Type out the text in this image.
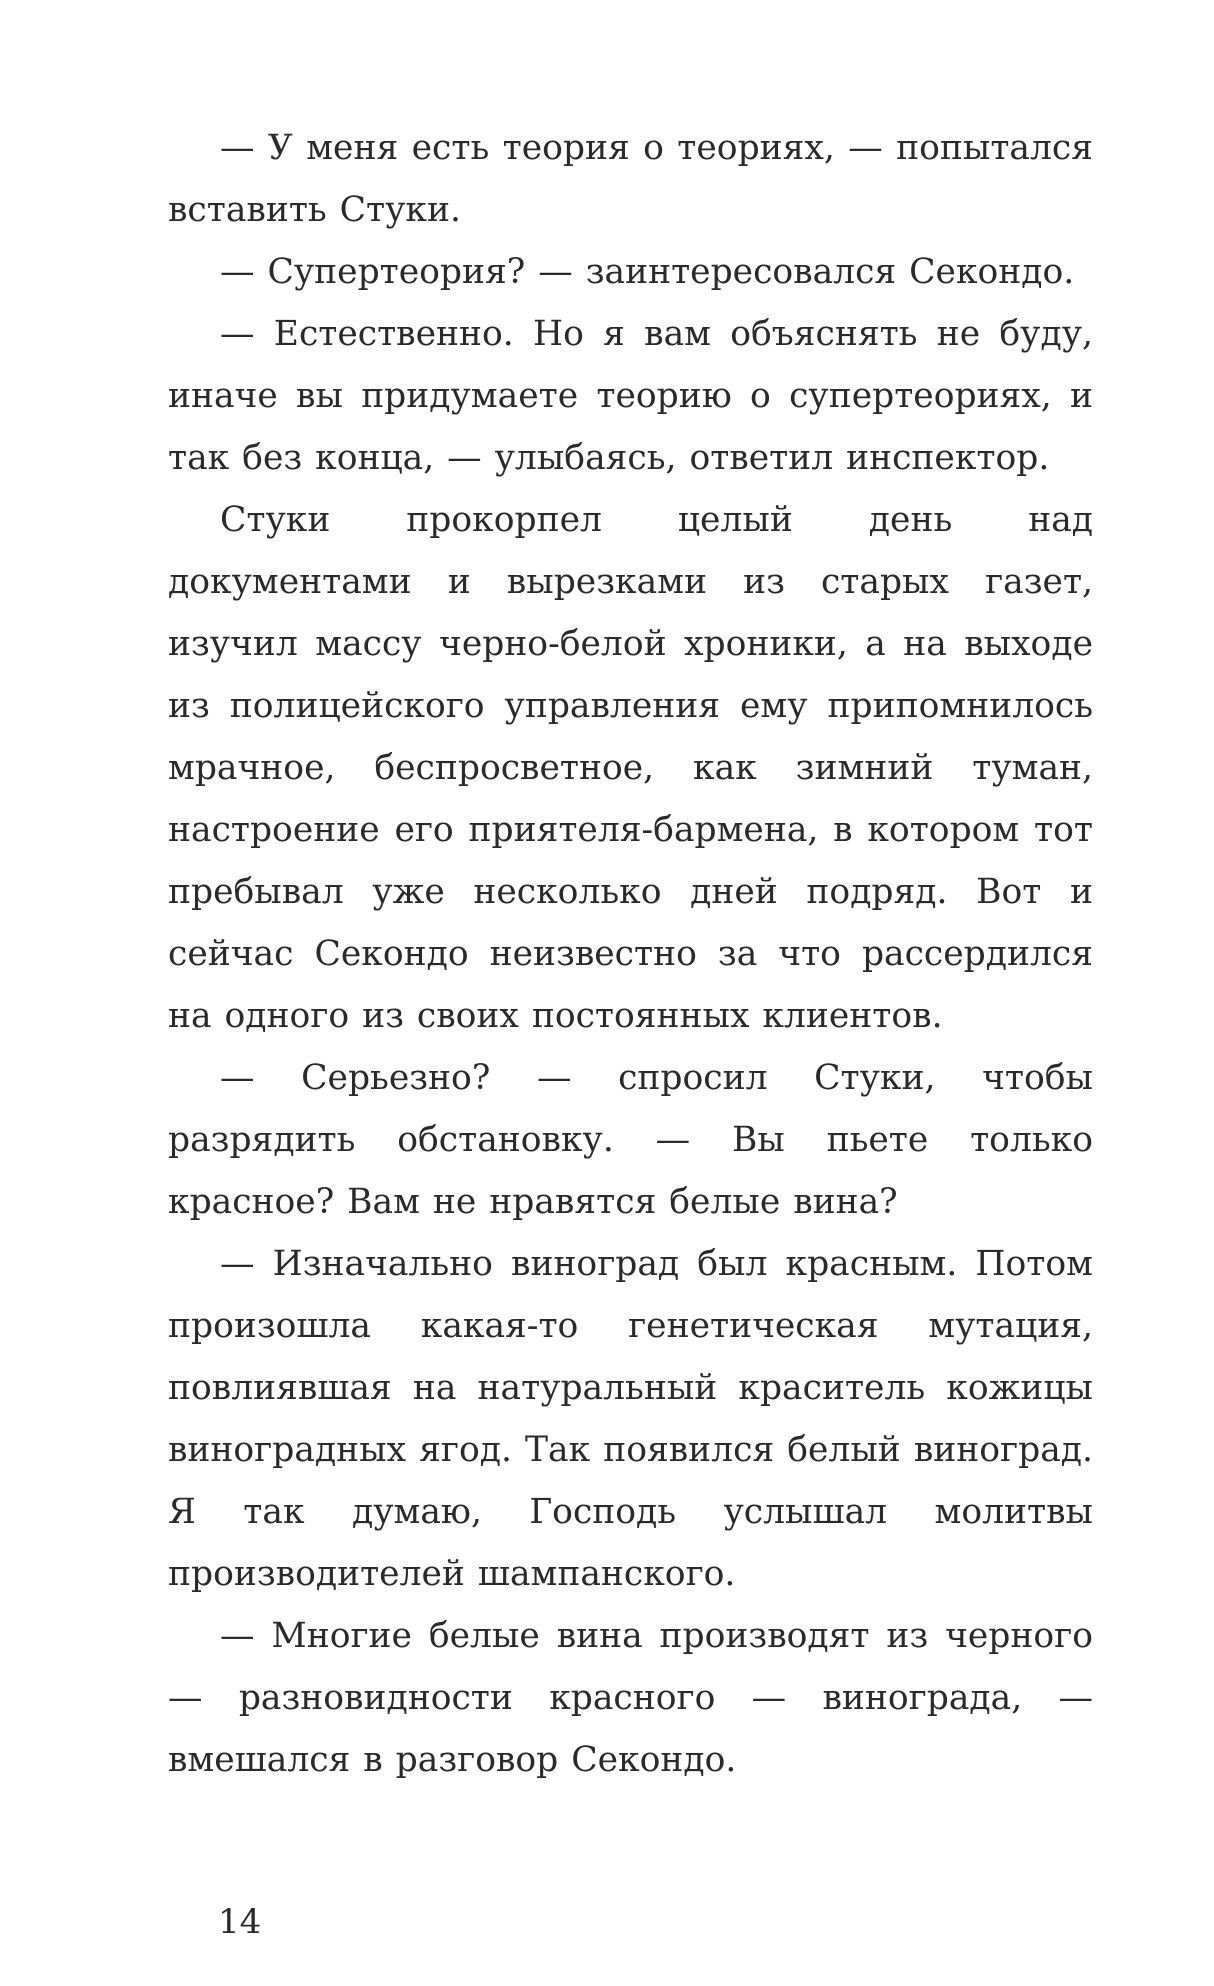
— У меня есть теория о теориях, — попытался вставить Стуки.

— Супертеория? — заинтересовался Секондо.

— Естественно. Но я вам объяснять не буду, иначе вы придумаете теорию о супертеориях, и так без конца, — улыбаясь, ответил инспектор.

Стуки прокорпел целый день над документами и вырезками из старых газет, изучил массу черно-белой хроники, а на выходе из полицейского управления ему припомнилось мрачное, беспросветное, как зимний туман, настроение его приятеля-бармена, в котором тот пребывал уже несколько дней подряд. Вот и сейчас Секондо неизвестно за что рассердился на одного из своих постоянных клиентов.

— Серьезно? — спросил Стуки, чтобы разрядить обстановку. — Вы пьете только красное? Вам не нравятся белые вина?

— Изначально виноград был красным. Потом произошла какая-то генетическая мутация, повлиявшая на натуральный краситель кожицы виноградных ягод. Так появился белый виноград. Я так думаю, Господь услышал молитвы производителей шампанского.

— Многие белые вина производят из черного — разновидности красного — винограда, — вмешался в разговор Секондо.

14
